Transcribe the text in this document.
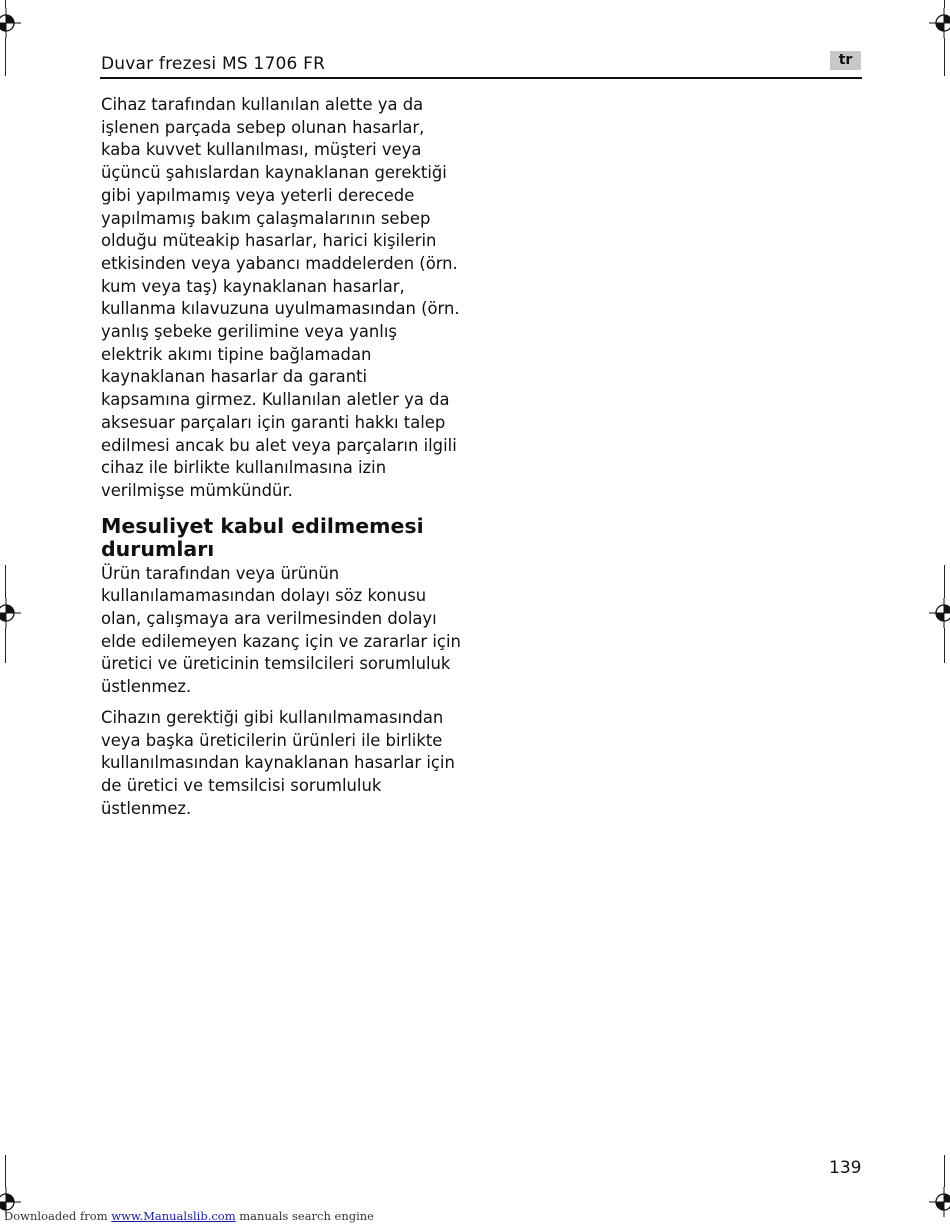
Duvar frezesi MS 1706 FR	tr

Cihaz tarafından kullanılan alette ya da işlenen parçada sebep olunan hasarlar, kaba kuvvet kullanılması, müşteri veya üçüncü şahıslardan kaynaklanan gerektiği gibi yapılmamış veya yeterli derecede yapılmamış bakım çalaşmalarının sebep olduğu müteakip hasarlar, harici kişilerin etkisinden veya yabancı maddelerden (örn. kum veya taş) kaynaklanan hasarlar, kullanma kılavuzuna uyulmamasından (örn. yanlış şebeke gerilimine veya yanlış elektrik akımı tipine bağlamadan kaynaklanan hasarlar da garanti kapsamına girmez. Kullanılan aletler ya da aksesuar parçaları için garanti hakkı talep edilmesi ancak bu alet veya parçaların ilgili cihaz ile birlikte kullanılmasına izin verilmişse mümkündür.

Mesuliyet kabul edilmemesi durumları

Ürün tarafından veya ürünün kullanılamamasından dolayı söz konusu olan, çalışmaya ara verilmesinden dolayı elde edilemeyen kazanç için ve zararlar için üretici ve üreticinin temsilcileri sorumluluk üstlenmez.

Cihazın gerektiği gibi kullanılmamasından veya başka üreticilerin ürünleri ile birlikte kullanılmasından kaynaklanan hasarlar için de üretici ve temsilcisi sorumluluk üstlenmez.

139
Downloaded from www.Manualslib.com manuals search engine
